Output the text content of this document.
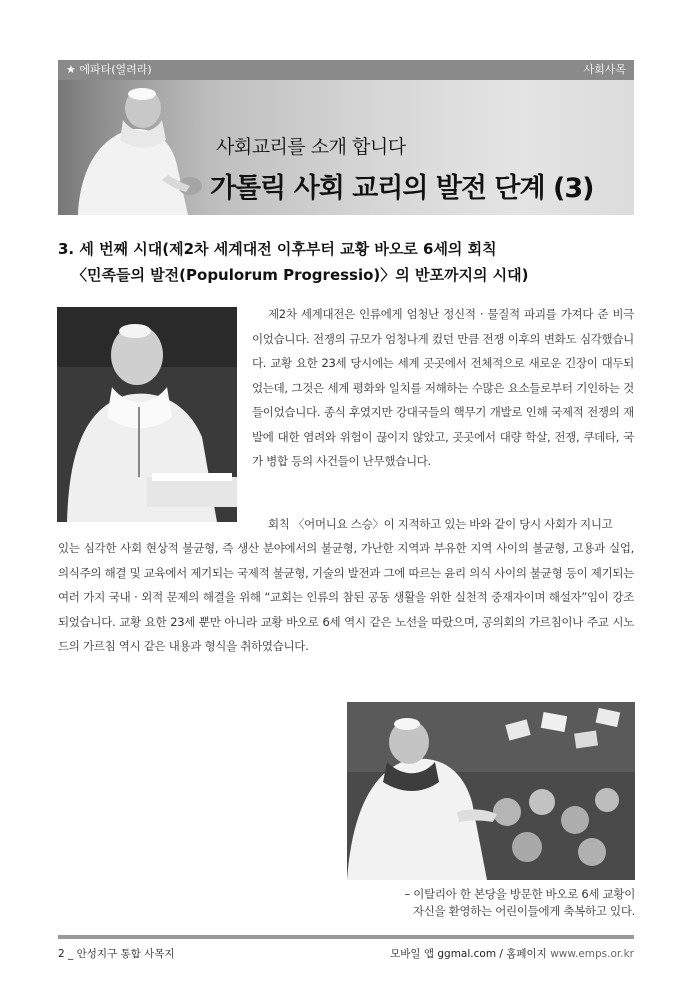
★ 에파타(열려라)	사회사목
사회교리를 소개 합니다
가톨릭 사회 교리의 발전 단계 (3)
3. 세 번째 시대(제2차 세계대전 이후부터 교황 바오로 6세의 회칙
〈민족들의 발전(Populorum Progressio)〉의 반포까지의 시대)

제2차 세계대전은 인류에게 엄청난 정신적 · 물질적 파괴를 가져다 준 비극이었습니다. 전쟁의 규모가 엄청나게 컸던 만큼 전쟁 이후의 변화도 심각했습니다. 교황 요한 23세 당시에는 세계 곳곳에서 전체적으로 새로운 긴장이 대두되었는데, 그것은 세계 평화와 일치를 저해하는 수많은 요소들로부터 기인하는 것들이었습니다. 종식 후였지만 강대국들의 핵무기 개발로 인해 국제적 전쟁의 재발에 대한 염려와 위험이 끊이지 않았고, 곳곳에서 대량 학살, 전쟁, 쿠데타, 국가 병합 등의 사건들이 난무했습니다.

회칙 〈어머니요 스승〉이 지적하고 있는 바와 같이 당시 사회가 지니고

있는 심각한 사회 현상적 불균형, 즉 생산 분야에서의 불균형, 가난한 지역과 부유한 지역 사이의 불균형, 고용과 실업, 의식주의 해결 및 교육에서 제기되는 국제적 불균형, 기술의 발전과 그에 따르는 윤리 의식 사이의 불균형 등이 제기되는 여러 가지 국내 · 외적 문제의 해결을 위해 “교회는 인류의 참된 공동 생활을 위한 실천적 중재자이며 해설자”임이 강조되었습니다. 교황 요한 23세 뿐만 아니라 교황 바오로 6세 역시 같은 노선을 따랐으며, 공의회의 가르침이나 주교 시노드의 가르침 역시 같은 내용과 형식을 취하였습니다.

– 이탈리아 한 본당을 방문한 바오로 6세 교황이
자신을 환영하는 어린이들에게 축복하고 있다.
2 _ 안성지구 통합 사목지	모바일 앱 ggmal.com / 홈페이지 www.emps.or.kr
